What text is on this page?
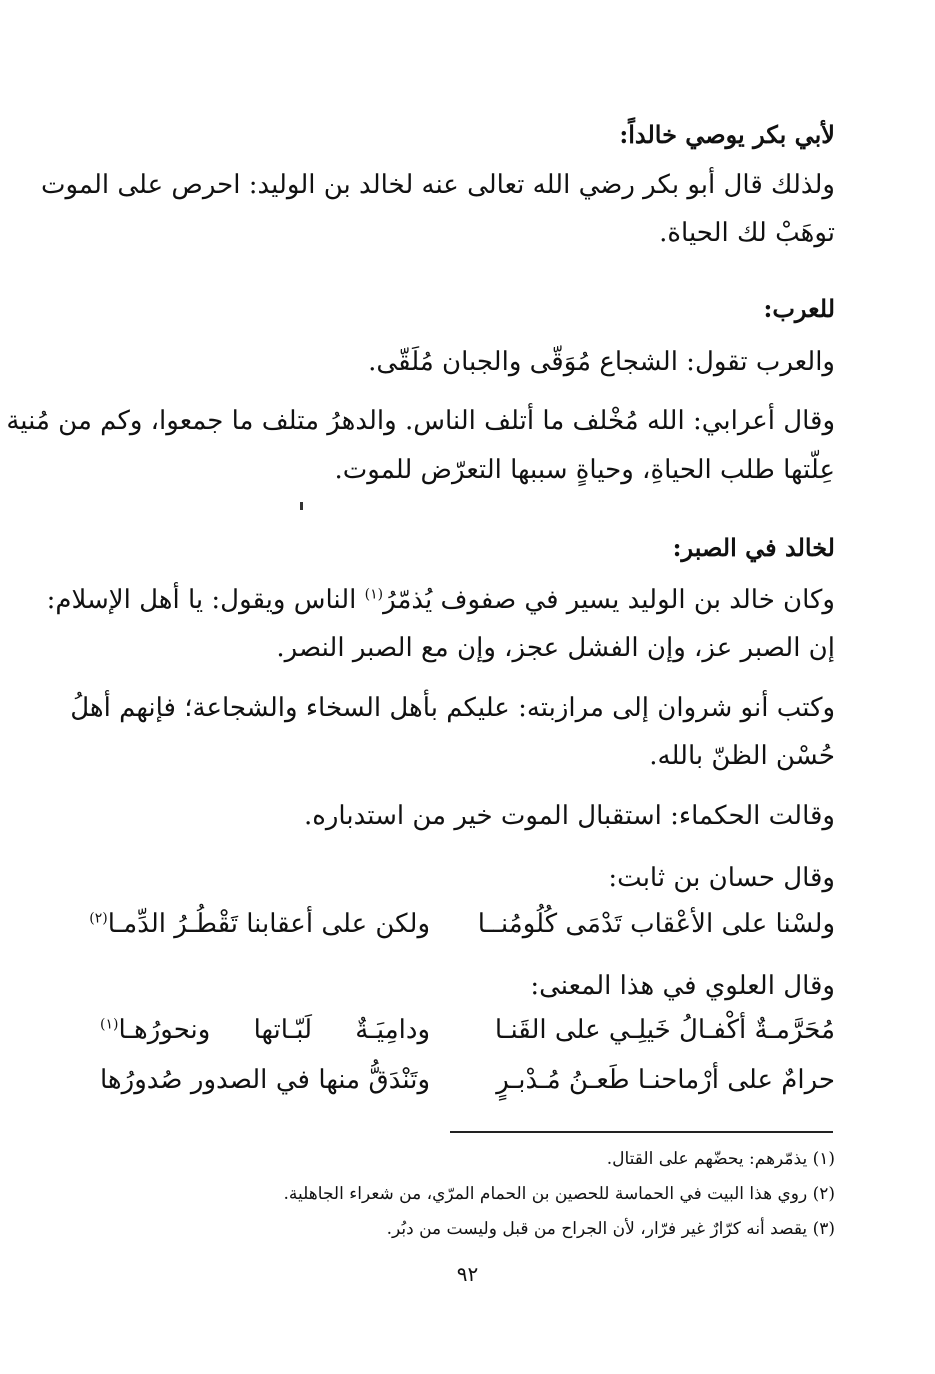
لأبي بكر يوصي خالداً:
ولذلك قال أبو بكر رضي الله تعالى عنه لخالد بن الوليد: احرص على الموت
توهَبْ لك الحياة.
للعرب:
والعرب تقول: الشجاع مُوَقّى والجبان مُلَقّى.
وقال أعرابي: الله مُخْلف ما أتلف الناس. والدهرُ متلف ما جمعوا، وكم من مُنية
عِلّتها طلب الحياةِ، وحياةٍ سببها التعرّض للموت.
لخالد في الصبر:
وكان خالد بن الوليد يسير في صفوف يُذمّرُ$^{(١)}$ الناس ويقول: يا أهل الإسلام:
إن الصبر عز، وإن الفشل عجز، وإن مع الصبر النصر.
وكتب أنو شروان إلى مرازبته: عليكم بأهل السخاء والشجاعة؛ فإنهم أهلُ
حُسْن الظنّ بالله.
وقالت الحكماء: استقبال الموت خير من استدباره.
وقال حسان بن ثابت:
ولسْنا على الأعْقاب تَدْمَى كُلُومُنــا
ولكن على أعقابنا تَقْطُـرُ الدِّمـا$^{(٢)}$
وقال العلوي في هذا المعنى:
مُحَرَّمـةٌ أكْفـالُ خَيلِـي على القَنـا
ودامِيَـةٌ لَبّـاتها ونحورُهـا$^{(١)}$
حرامٌ على أرْماحنـا طَعـنُ مُـدْبـرٍ
وتَنْدَقُّ منها في الصدور صُدورُها
(١) يذمّرهم: يحضّهم على القتال.
(٢) روي هذا البيت في الحماسة للحصين بن الحمام المرّي، من شعراء الجاهلية.
(٣) يقصد أنه كرّارٌ غير فرّار، لأن الجراح من قبل وليست من دبُر.
٩٢
